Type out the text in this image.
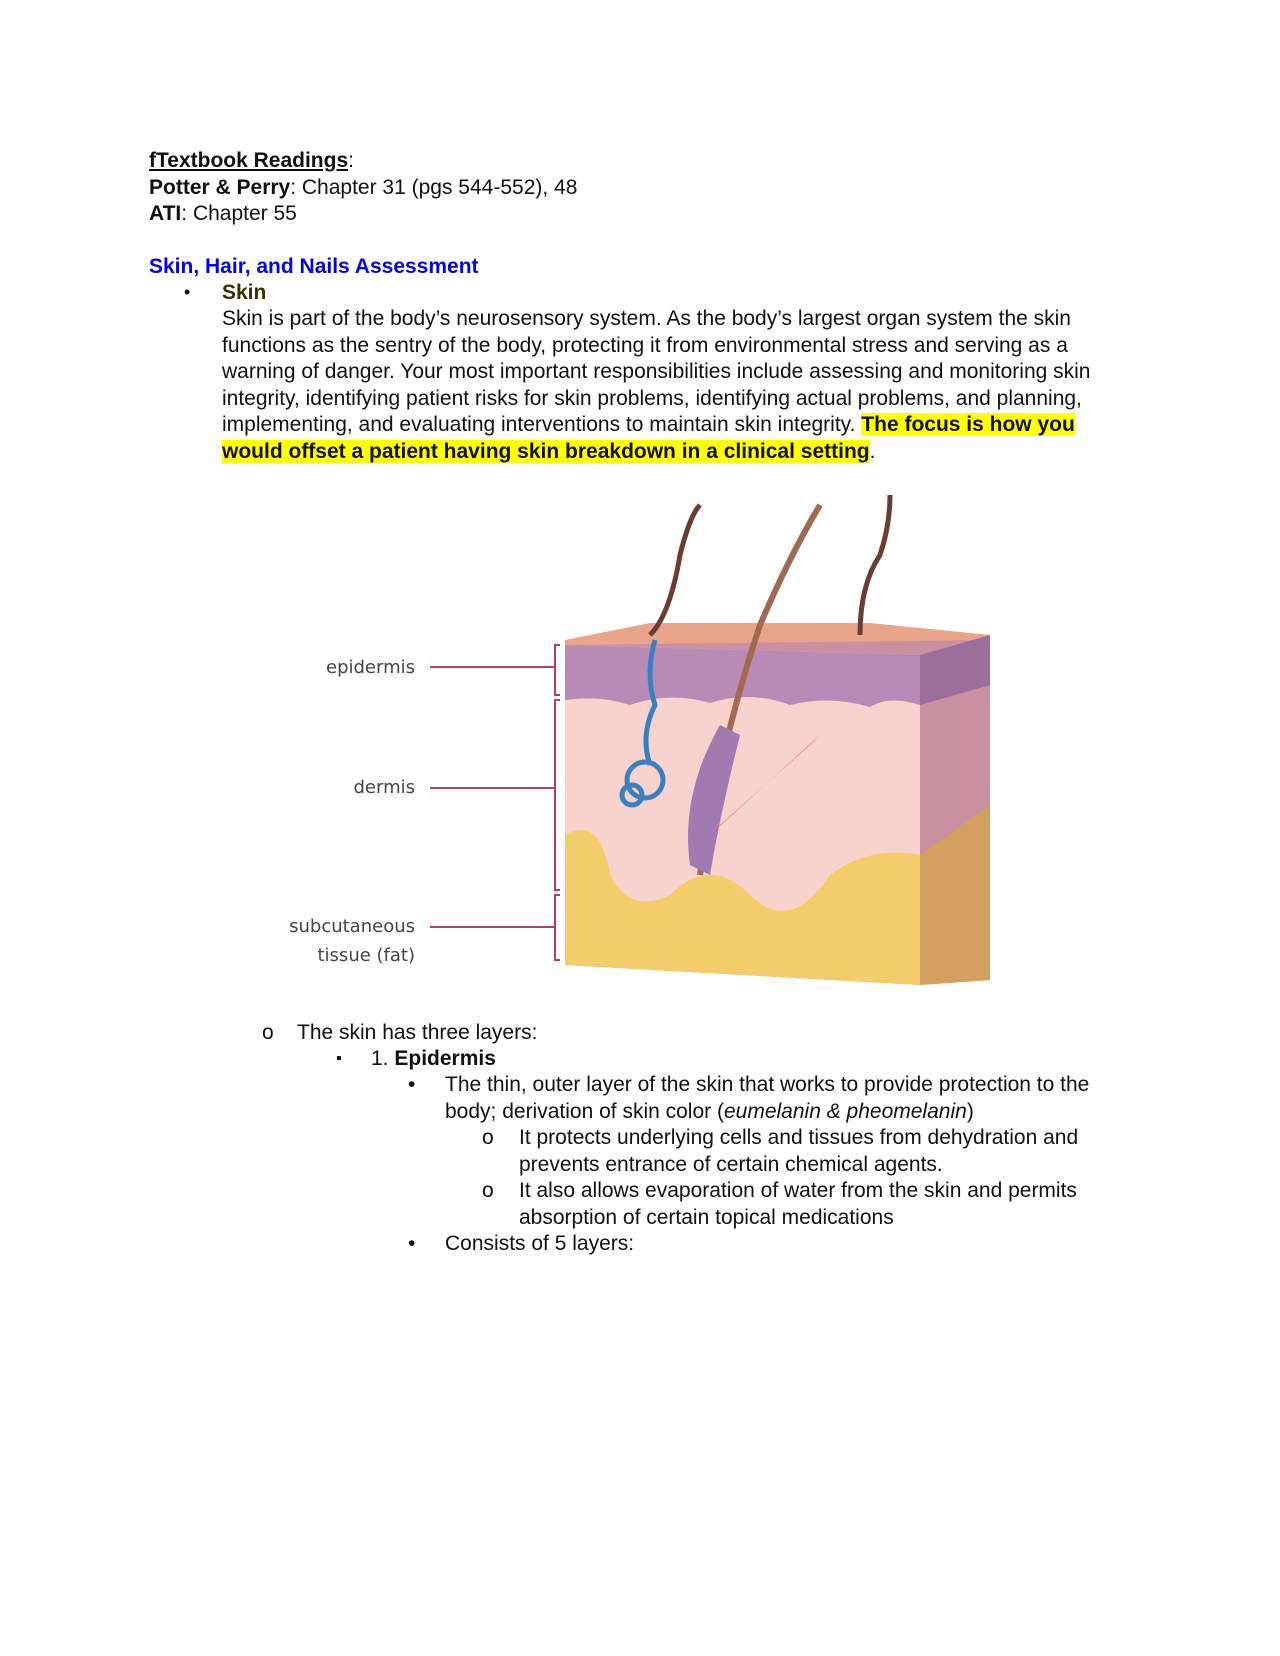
fTextbook Readings:
Potter & Perry: Chapter 31 (pgs 544-552), 48
ATI: Chapter 55
Skin, Hair, and Nails Assessment
• Skin
Skin is part of the body’s neurosensory system. As the body’s largest organ system the skin functions as the sentry of the body, protecting it from environmental stress and serving as a warning of danger. Your most important responsibilities include assessing and monitoring skin integrity, identifying patient risks for skin problems, identifying actual problems, and planning, implementing, and evaluating interventions to maintain skin integrity. The focus is how you would offset a patient having skin breakdown in a clinical setting.
epidermis
dermis
subcutaneous
tissue (fat)
o The skin has three layers:
▪ 1. Epidermis
• The thin, outer layer of the skin that works to provide protection to the body; derivation of skin color (eumelanin & pheomelanin)
o It protects underlying cells and tissues from dehydration and prevents entrance of certain chemical agents.
o It also allows evaporation of water from the skin and permits absorption of certain topical medications
• Consists of 5 layers:
